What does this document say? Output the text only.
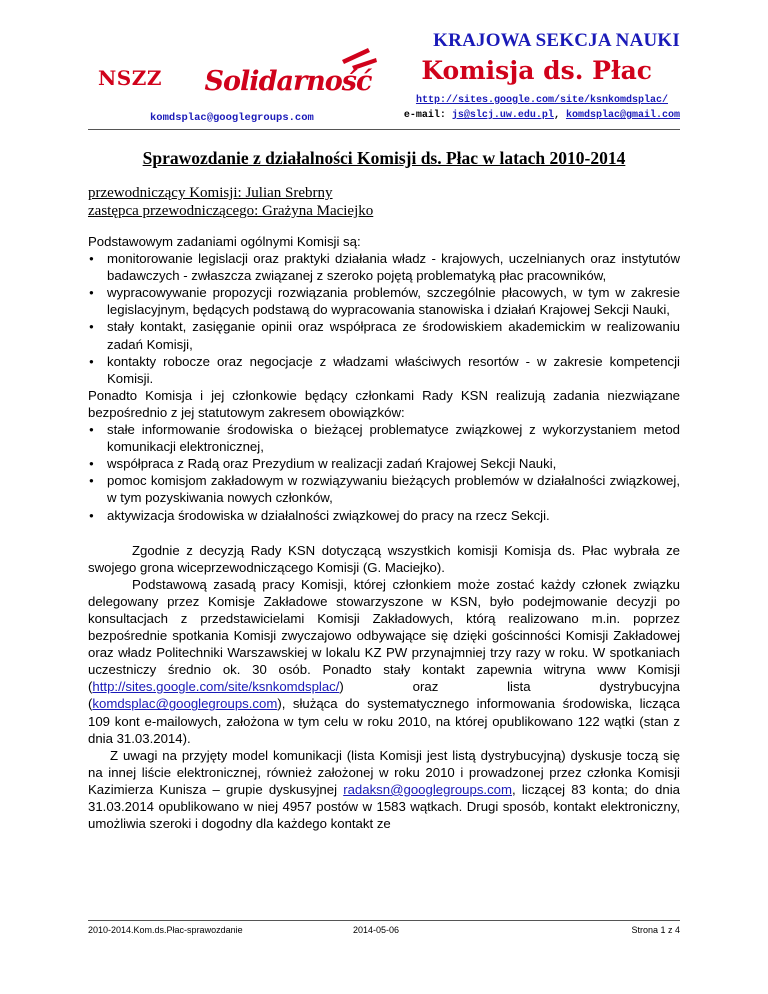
NSZZ Solidarność
komdsplac@googlegroups.com
KRAJOWA SEKCJA NAUKI
Komisja ds. Płac
http://sites.google.com/site/ksnkomdsplac/
e-mail: js@slcj.uw.edu.pl, komdsplac@gmail.com
Sprawozdanie z działalności Komisji ds. Płac w latach 2010-2014
przewodniczący Komisji: Julian Srebrny
zastępca przewodniczącego: Grażyna Maciejko

Podstawowym zadaniami ogólnymi Komisji są:

● monitorowanie legislacji oraz praktyki działania władz - krajowych, uczelnianych oraz instytutów badawczych - zwłaszcza związanej z szeroko pojętą problematyką płac pracowników,
● wypracowywanie propozycji rozwiązania problemów, szczególnie płacowych, w tym w zakresie legislacyjnym, będących podstawą do wypracowania stanowiska i działań Krajowej Sekcji Nauki,
● stały kontakt, zasięganie opinii oraz współpraca ze środowiskiem akademickim w realizowaniu zadań Komisji,
● kontakty robocze oraz negocjacje z władzami właściwych resortów - w zakresie kompetencji Komisji.

Ponadto Komisja i jej członkowie będący członkami Rady KSN realizują zadania niezwiązane bezpośrednio z jej statutowym zakresem obowiązków:

● stałe informowanie środowiska o bieżącej problematyce związkowej z wykorzystaniem metod komunikacji elektronicznej,
● współpraca z Radą oraz Prezydium w realizacji zadań Krajowej Sekcji Nauki,
● pomoc komisjom zakładowym w rozwiązywaniu bieżących problemów w działalności związkowej, w tym pozyskiwania nowych członków,
● aktywizacja środowiska w działalności związkowej do pracy na rzecz Sekcji.

Zgodnie z decyzją Rady KSN dotyczącą wszystkich komisji Komisja ds. Płac wybrała ze swojego grona wiceprzewodniczącego Komisji (G. Maciejko).

Podstawową zasadą pracy Komisji, której członkiem może zostać każdy członek związku delegowany przez Komisje Zakładowe stowarzyszone w KSN, było podejmowanie decyzji po konsultacjach z przedstawicielami Komisji Zakładowych, którą realizowano m.in. poprzez bezpośrednie spotkania Komisji zwyczajowo odbywające się dzięki gościnności Komisji Zakładowej oraz władz Politechniki Warszawskiej w lokalu KZ PW przynajmniej trzy razy w roku. W spotkaniach uczestniczy średnio ok. 30 osób. Ponadto stały kontakt zapewnia witryna www Komisji (http://sites.google.com/site/ksnkomdsplac/) oraz lista dystrybucyjna (komdsplac@googlegroups.com), służąca do systematycznego informowania środowiska, licząca 109 kont e-mailowych, założona w tym celu w roku 2010, na której opublikowano 122 wątki (stan z dnia 31.03.2014).

Z uwagi na przyjęty model komunikacji (lista Komisji jest listą dystrybucyjną) dyskusje toczą się na innej liście elektronicznej, również założonej w roku 2010 i prowadzonej przez członka Komisji Kazimierza Kunisza – grupie dyskusyjnej radaksn@googlegroups.com, liczącej 83 konta; do dnia 31.03.2014 opublikowano w niej 4957 postów w 1583 wątkach. Drugi sposób, kontakt elektroniczny, umożliwia szeroki i dogodny dla każdego kontakt ze

2010-2014.Kom.ds.Płac-sprawozdanie	2014-05-06	Strona 1 z 4
